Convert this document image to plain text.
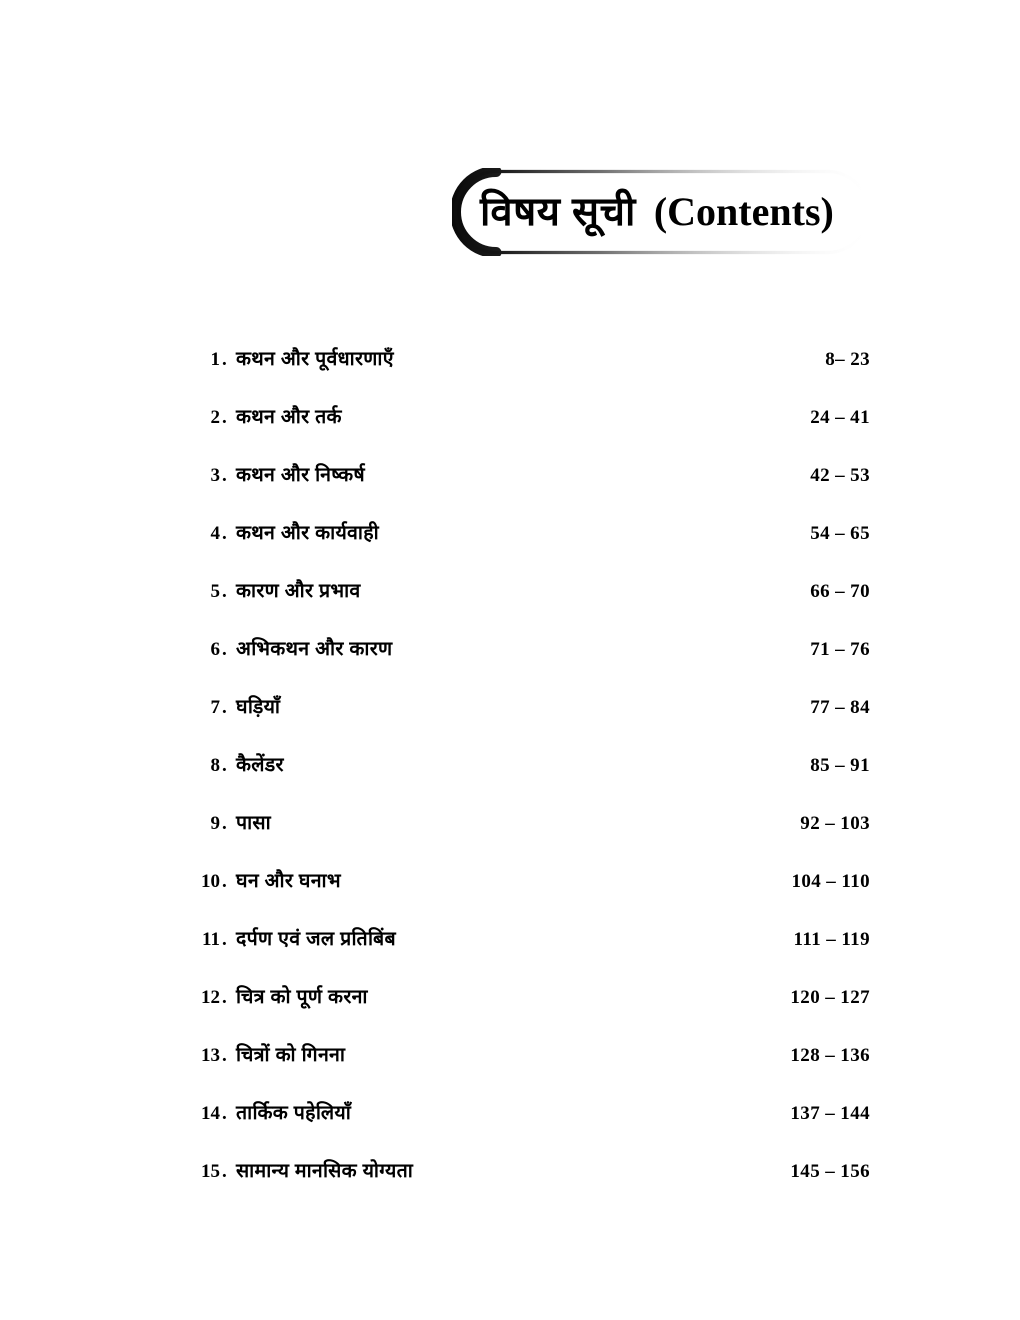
विषय सूची (Contents)
1 . कथन और पूर्वधारणाएँ	8– 23
2 . कथन और तर्क	24 – 41
3 . कथन और निष्कर्ष	42 – 53
4 . कथन और कार्यवाही	54 – 65
5 . कारण और प्रभाव	66 – 70
6 . अभिकथन और कारण	71 – 76
7 . घड़ियाँ	77 – 84
8 . कैलेंडर	85 – 91
9 . पासा	92 – 103
10 . घन और घनाभ	104 – 110
11 . दर्पण एवं जल प्रतिबिंब	111 – 119
12 . चित्र को पूर्ण करना	120 – 127
13 . चित्रों को गिनना	128 – 136
14 . तार्किक पहेलियाँ	137 – 144
15 . सामान्य मानसिक योग्यता	145 – 156
